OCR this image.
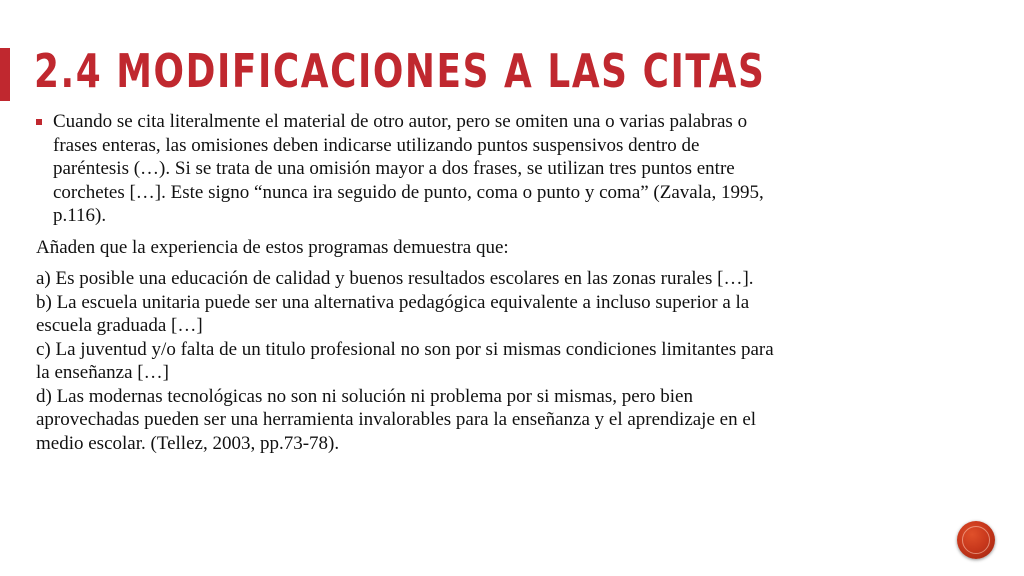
2.4 MODIFICACIONES A LAS CITAS
Cuando se cita literalmente el material de otro autor, pero se omiten una o varias palabras o
frases enteras, las omisiones deben indicarse utilizando puntos suspensivos dentro de
paréntesis (…). Si se trata de una omisión mayor a dos frases, se utilizan tres puntos entre
corchetes […]. Este signo “nunca ira seguido de punto, coma o punto y coma” (Zavala, 1995,
p.116).
Añaden que la experiencia de estos programas demuestra que:
a) Es posible una educación de calidad y buenos resultados escolares en las zonas rurales […].
b) La escuela unitaria puede ser una alternativa pedagógica equivalente a incluso superior a la
escuela graduada […]
c) La juventud y/o falta de un titulo profesional no son por si mismas condiciones limitantes para
la enseñanza […]
d) Las modernas tecnológicas no son ni solución ni problema por si mismas, pero bien
aprovechadas pueden ser una herramienta invalorables para la enseñanza y el aprendizaje en el
medio escolar. (Tellez, 2003, pp.73-78).
